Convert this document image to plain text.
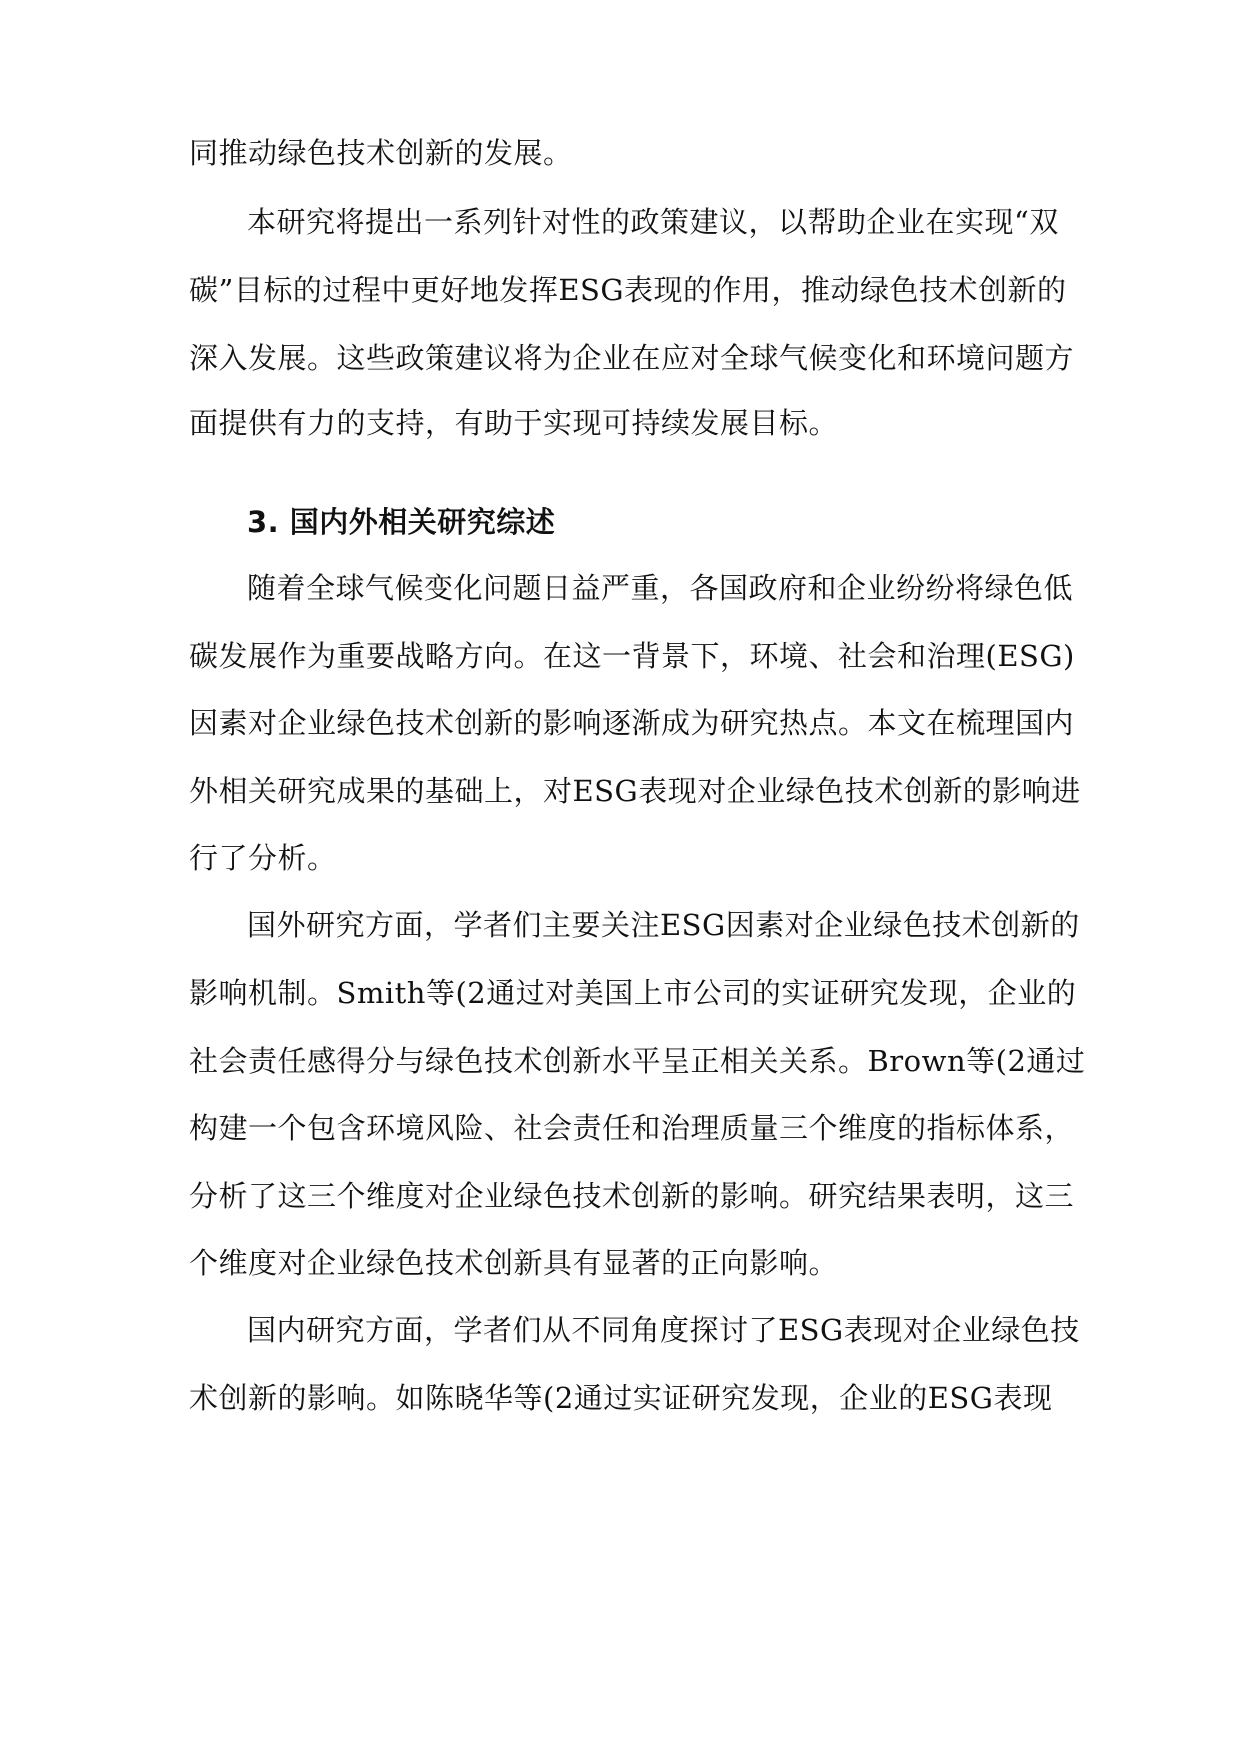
同推动绿色技术创新的发展。
本研究将提出一系列针对性的政策建议，以帮助企业在实现“双
碳”目标的过程中更好地发挥ESG表现的作用，推动绿色技术创新的
深入发展。这些政策建议将为企业在应对全球气候变化和环境问题方
面提供有力的支持，有助于实现可持续发展目标。
3. 国内外相关研究综述
随着全球气候变化问题日益严重，各国政府和企业纷纷将绿色低
碳发展作为重要战略方向。在这一背景下，环境、社会和治理(ESG)
因素对企业绿色技术创新的影响逐渐成为研究热点。本文在梳理国内
外相关研究成果的基础上，对ESG表现对企业绿色技术创新的影响进
行了分析。
国外研究方面，学者们主要关注ESG因素对企业绿色技术创新的
影响机制。Smith等(2通过对美国上市公司的实证研究发现，企业的
社会责任感得分与绿色技术创新水平呈正相关关系。Brown等(2通过
构建一个包含环境风险、社会责任和治理质量三个维度的指标体系，
分析了这三个维度对企业绿色技术创新的影响。研究结果表明，这三
个维度对企业绿色技术创新具有显著的正向影响。
国内研究方面，学者们从不同角度探讨了ESG表现对企业绿色技
术创新的影响。如陈晓华等(2通过实证研究发现，企业的ESG表现
